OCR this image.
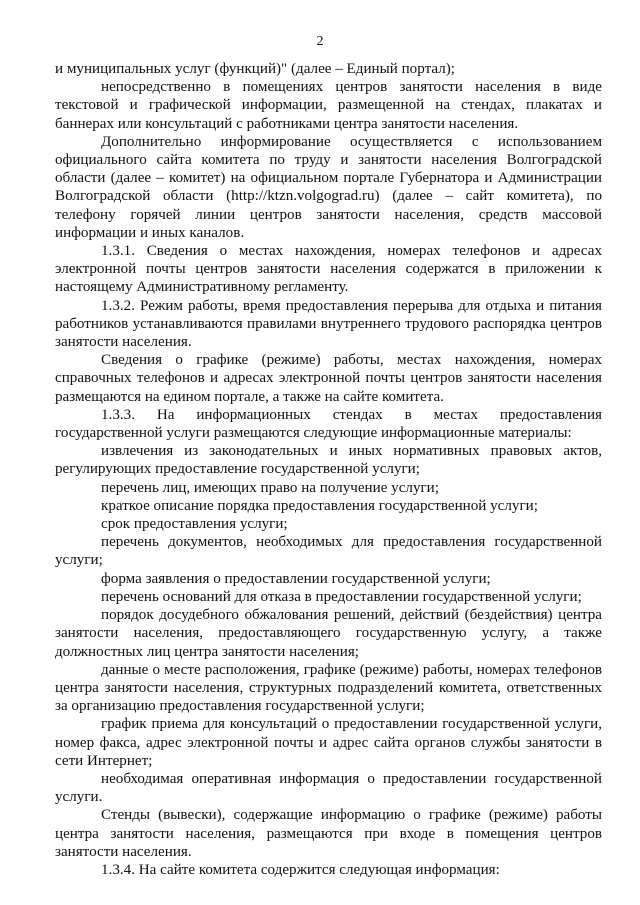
2

и муниципальных услуг (функций)" (далее – Единый портал);

непосредственно в помещениях центров занятости населения в виде текстовой и графической информации, размещенной на стендах, плакатах и баннерах или консультаций с работниками центра занятости населения.

Дополнительно информирование осуществляется с использованием официального сайта комитета по труду и занятости населения Волгоградской области (далее – комитет) на официальном портале Губернатора и Администрации Волгоградской области (http://ktzn.volgograd.ru) (далее – сайт комитета), по телефону горячей линии центров занятости населения, средств массовой информации и иных каналов.

1.3.1. Сведения о местах нахождения, номерах телефонов и адресах электронной почты центров занятости населения содержатся в приложении к настоящему Административному регламенту.

1.3.2. Режим работы, время предоставления перерыва для отдыха и питания работников устанавливаются правилами внутреннего трудового распорядка центров занятости населения.

Сведения о графике (режиме) работы, местах нахождения, номерах справочных телефонов и адресах электронной почты центров занятости населения размещаются на едином портале, а также на сайте комитета.

1.3.3. На информационных стендах в местах предоставления государственной услуги размещаются следующие информационные материалы:

извлечения из законодательных и иных нормативных правовых актов, регулирующих предоставление государственной услуги;

перечень лиц, имеющих право на получение услуги;

краткое описание порядка предоставления государственной услуги;

срок предоставления услуги;

перечень документов, необходимых для предоставления государственной услуги;

форма заявления о предоставлении государственной услуги;

перечень оснований для отказа в предоставлении государственной услуги;

порядок досудебного обжалования решений, действий (бездействия) центра занятости населения, предоставляющего государственную услугу, а также должностных лиц центра занятости населения;

данные о месте расположения, графике (режиме) работы, номерах телефонов центра занятости населения, структурных подразделений комитета, ответственных за организацию предоставления государственной услуги;

график приема для консультаций о предоставлении государственной услуги, номер факса, адрес электронной почты и адрес сайта органов службы занятости в сети Интернет;

необходимая оперативная информация о предоставлении государственной услуги.

Стенды (вывески), содержащие информацию о графике (режиме) работы центра занятости населения, размещаются при входе в помещения центров занятости населения.

1.3.4. На сайте комитета содержится следующая информация:
